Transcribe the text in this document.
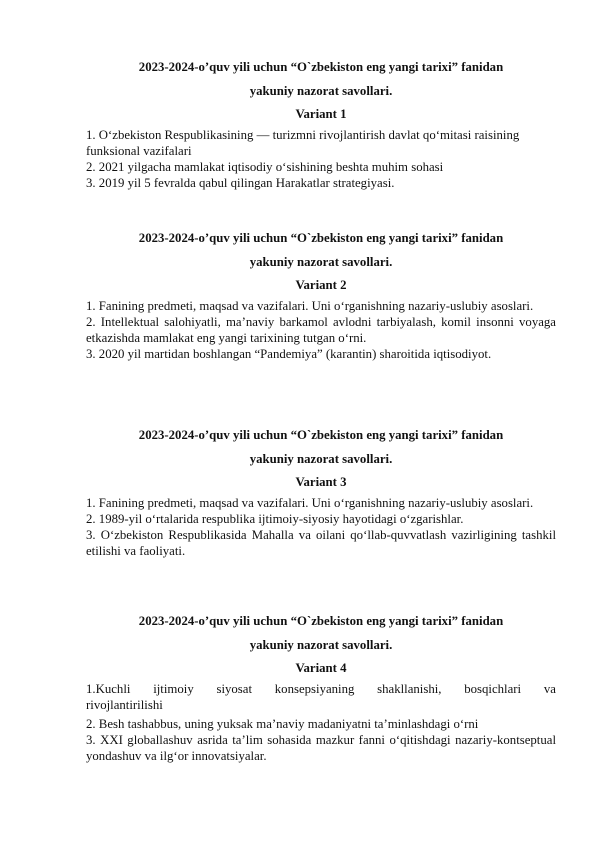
2023-2024-o’quv yili uchun “O`zbekiston eng yangi tarixi” fanidan

yakuniy nazorat savollari.

Variant 1

1. O‘zbekiston Respublikasining — turizmni rivojlantirish davlat qo‘mitasi raisining funksional vazifalari

2. 2021 yilgacha mamlakat iqtisodiy o‘sishining beshta muhim sohasi

3. 2019 yil 5 fevralda qabul qilingan Harakatlar strategiyasi.

2023-2024-o’quv yili uchun “O`zbekiston eng yangi tarixi” fanidan

yakuniy nazorat savollari.

Variant 2

1. Fanining predmeti, maqsad va vazifalari. Uni o‘rganishning nazariy-uslubiy asoslari.

2. Intellektual salohiyatli, ma’naviy barkamol avlodni tarbiyalash, komil insonni voyaga etkazishda mamlakat eng yangi tarixining tutgan o‘rni.

3. 2020 yil martidan boshlangan “Pandemiya” (karantin) sharoitida iqtisodiyot.

2023-2024-o’quv yili uchun “O`zbekiston eng yangi tarixi” fanidan

yakuniy nazorat savollari.

Variant 3

1. Fanining predmeti, maqsad va vazifalari. Uni o‘rganishning nazariy-uslubiy asoslari.

2. 1989-yil o‘rtalarida respublika ijtimoiy-siyosiy hayotidagi o‘zgarishlar.

3. O‘zbekiston Respublikasida Mahalla va oilani qo‘llab-quvvatlash vazirligining tashkil etilishi va faoliyati.

2023-2024-o’quv yili uchun “O`zbekiston eng yangi tarixi” fanidan

yakuniy nazorat savollari.

Variant 4
1.Kuchli ijtimoiy siyosat konsepsiyaning shakllanishi, bosqichlari va
rivojlantirilishi

2. Besh tashabbus, uning yuksak ma’naviy madaniyatni ta’minlashdagi o‘rni

3. XXI globallashuv asrida ta’lim sohasida mazkur fanni o‘qitishdagi nazariy-kontseptual yondashuv va ilg‘or innovatsiyalar.
